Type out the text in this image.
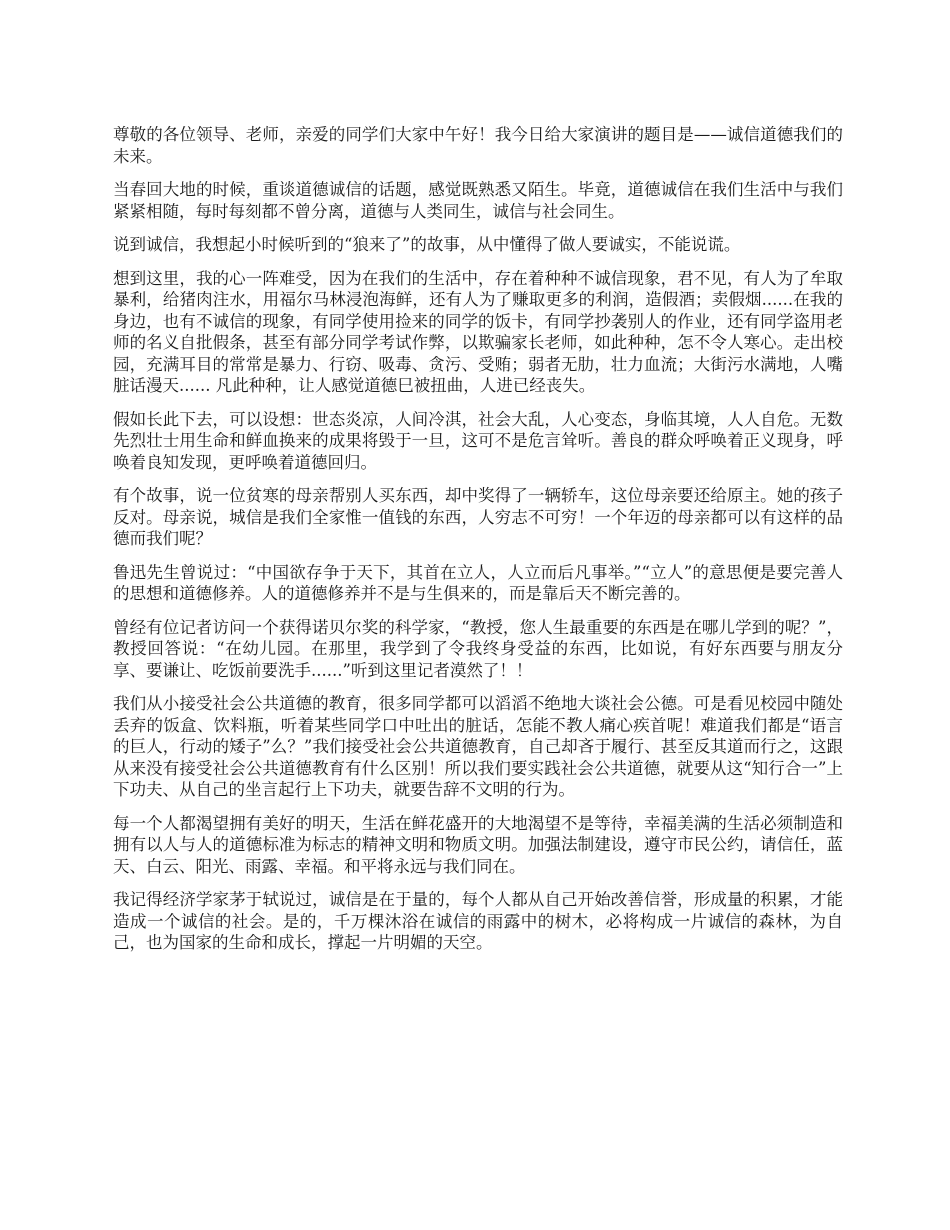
尊敬的各位领导、老师，亲爱的同学们大家中午好！我今日给大家演讲的题目是——诚信道德我们的未来。

当春回大地的时候，重谈道德诚信的话题，感觉既熟悉又陌生。毕竟，道德诚信在我们生活中与我们紧紧相随，每时每刻都不曾分离，道德与人类同生，诚信与社会同生。

说到诚信，我想起小时候听到的“狼来了”的故事，从中懂得了做人要诚实，不能说谎。

想到这里，我的心一阵难受，因为在我们的生活中，存在着种种不诚信现象，君不见，有人为了牟取暴利，给猪肉注水，用福尔马林浸泡海鲜，还有人为了赚取更多的利润，造假酒；卖假烟......在我的身边，也有不诚信的现象，有同学使用捡来的同学的饭卡，有同学抄袭别人的作业，还有同学盗用老师的名义自批假条，甚至有部分同学考试作弊，以欺骗家长老师，如此种种，怎不令人寒心。走出校园，充满耳目的常常是暴力、行窃、吸毒、贪污、受贿；弱者无肋，壮力血流；大街污水满地，人嘴脏话漫天...... 凡此种种，让人感觉道德巳被扭曲，人进已经丧失。

假如长此下去，可以设想：世态炎凉，人间冷淇，社会大乱，人心变态，身临其境，人人自危。无数先烈壮士用生命和鲜血换来的成果将毁于一旦，这可不是危言耸听。善良的群众呼唤着正义现身，呼唤着良知发现，更呼唤着道德回归。

有个故事，说一位贫寒的母亲帮别人买东西，却中奖得了一辆轿车，这位母亲要还给原主。她的孩子反对。母亲说，城信是我们全家惟一值钱的东西，人穷志不可穷！一个年迈的母亲都可以有这样的品德而我们呢？

鲁迅先生曾说过：“中国欲存争于天下，其首在立人，人立而后凡事举。”“立人”的意思便是要完善人的思想和道德修养。人的道德修养并不是与生俱来的，而是靠后天不断完善的。

曾经有位记者访问一个获得诺贝尔奖的科学家，“教授，您人生最重要的东西是在哪儿学到的呢？”，教授回答说：“在幼儿园。在那里，我学到了令我终身受益的东西，比如说，有好东西要与朋友分享、要谦让、吃饭前要洗手......”听到这里记者漠然了！！

我们从小接受社会公共道德的教育，很多同学都可以滔滔不绝地大谈社会公德。可是看见校园中随处丢弃的饭盒、饮料瓶，听着某些同学口中吐出的脏话，怎能不教人痛心疾首呢！难道我们都是“语言的巨人，行动的矮子”么？”我们接受社会公共道德教育，自己却吝于履行、甚至反其道而行之，这跟从来没有接受社会公共道德教育有什么区别！所以我们要实践社会公共道德，就要从这“知行合一”上下功夫、从自己的坐言起行上下功夫，就要告辞不文明的行为。

每一个人都渴望拥有美好的明天，生活在鲜花盛开的大地渴望不是等待，幸福美满的生活必须制造和拥有以人与人的道德标准为标志的精神文明和物质文明。加强法制建设，遵守市民公约，请信任，蓝天、白云、阳光、雨露、幸福。和平将永远与我们同在。

我记得经济学家茅于轼说过，诚信是在于量的，每个人都从自己开始改善信誉，形成量的积累，才能造成一个诚信的社会。是的，千万棵沐浴在诚信的雨露中的树木，必将构成一片诚信的森林，为自己，也为国家的生命和成长，撑起一片明媚的天空。
